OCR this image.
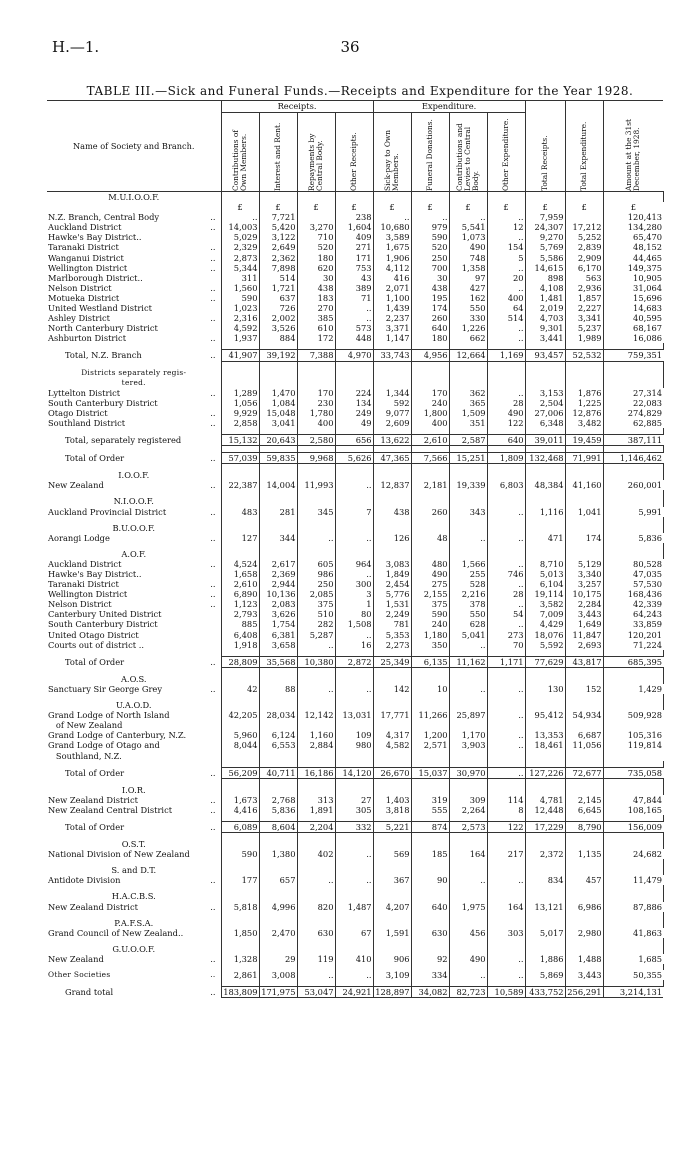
H.—1.	36
TABLE III.—Sick and Funeral Funds.—Receipts and Expenditure for the Year 1928.
Name of Society and Branch.	Receipts.				Expenditure.				Total Receipts.	Total Expenditure.	Amount at the 31st December, 1928.

	Contributions of Own Members.	Interest and Rent.	Repayments by Central Body.	Other Receipts.	Sick-pay to Own Members.	Funeral Donations.	Contributions and Levies to Central Body.	Other Expenditure.			

M.U.I.O.O.F.											
	£	£	£	£	£	£	£	£	£	£	£
N.Z. Branch, Central Body ..	..	7,721		238	..	..	..	..	7,959		120,413
Auckland District ..	14,003	5,420	3,270	1,604	10,680	979	5,541	12	24,307	17,212	134,280
Hawke's Bay District..	5,029	3,122	710	409	3,589	590	1,073	..	9,270	5,252	65,470
Taranaki District ..	2,329	2,649	520	271	1,675	520	490	154	5,769	2,839	48,152
Wanganui District ..	2,873	2,362	180	171	1,906	250	748	5	5,586	2,909	44,465
Wellington District ..	5,344	7,898	620	753	4,112	700	1,358	..	14,615	6,170	149,375
Marlborough District..	311	514	30	43	416	30	97	20	898	563	10,905
Nelson District ..	1,560	1,721	438	389	2,071	438	427	..	4,108	2,936	31,064
Motueka District ..	590	637	183	71	1,100	195	162	400	1,481	1,857	15,696
United Westland District	1,023	726	270	..	1,439	174	550	64	2,019	2,227	14,683
Ashley District ..	2,316	2,002	385	..	2,237	260	330	514	4,703	3,341	40,595
North Canterbury District	4,592	3,526	610	573	3,371	640	1,226	..	9,301	5,237	68,167
Ashburton District ..	1,937	884	172	448	1,147	180	662	..	3,441	1,989	16,086

Total, N.Z. Branch ..	41,907	39,192	7,388	4,970	33,743	4,956	12,664	1,169	93,457	52,532	759,351

Districts separately regis-											
tered.											
Lyttelton District ..	1,289	1,470	170	224	1,344	170	362	..	3,153	1,876	27,314
South Canterbury District	1,056	1,084	230	134	592	240	365	28	2,504	1,225	22,083
Otago District ..	9,929	15,048	1,780	249	9,077	1,800	1,509	490	27,006	12,876	274,829
Southland District ..	2,858	3,041	400	49	2,609	400	351	122	6,348	3,482	62,885

Total, separately registered	15,132	20,643	2,580	656	13,622	2,610	2,587	640	39,011	19,459	387,111

Total of Order ..	57,039	59,835	9,968	5,626	47,365	7,566	15,251	1,809	132,468	71,991	1,146,462

I.O.O.F.											
New Zealand ..	22,387	14,004	11,993	..	12,837	2,181	19,339	6,803	48,384	41,160	260,001

N.I.O.O.F.											
Auckland Provincial District ..	483	281	345	7	438	260	343	..	1,116	1,041	5,991

B.U.O.O.F.											
Aorangi Lodge ..	127	344	..	..	126	48	..	..	471	174	5,836

A.O.F.											
Auckland District ..	4,524	2,617	605	964	3,083	480	1,566	..	8,710	5,129	80,528
Hawke's Bay District..	1,658	2,369	986	..	1,849	490	255	746	5,013	3,340	47,035
Taranaki District ..	2,610	2,944	250	300	2,454	275	528	..	6,104	3,257	57,530
Wellington District ..	6,890	10,136	2,085	3	5,776	2,155	2,216	28	19,114	10,175	168,436
Nelson District ..	1,123	2,083	375	1	1,531	375	378	..	3,582	2,284	42,339
Canterbury United District	2,793	3,626	510	80	2,249	590	550	54	7,009	3,443	64,243
South Canterbury District	885	1,754	282	1,508	781	240	628	..	4,429	1,649	33,859
United Otago District	6,408	6,381	5,287	..	5,353	1,180	5,041	273	18,076	11,847	120,201
Courts out of district ..	1,918	3,658	..	16	2,273	350	..	70	5,592	2,693	71,224

Total of Order ..	28,809	35,568	10,380	2,872	25,349	6,135	11,162	1,171	77,629	43,817	685,395

A.O.S.											
Sanctuary Sir George Grey ..	42	88	..	..	142	10	..	..	130	152	1,429

U.A.O.D.											
Grand Lodge of North Island	42,205	28,034	12,142	13,031	17,771	11,266	25,897	..	95,412	54,934	509,928
of New Zealand											
Grand Lodge of Canterbury, N.Z.	5,960	6,124	1,160	109	4,317	1,200	1,170	..	13,353	6,687	105,316
Grand Lodge of Otago and	8,044	6,553	2,884	980	4,582	2,571	3,903	..	18,461	11,056	119,814
Southland, N.Z.											

Total of Order ..	56,209	40,711	16,186	14,120	26,670	15,037	30,970	..	127,226	72,677	735,058

I.O.R.											
New Zealand District ..	1,673	2,768	313	27	1,403	319	309	114	4,781	2,145	47,844
New Zealand Central District ..	4,416	5,836	1,891	305	3,818	555	2,264	8	12,448	6,645	108,165

Total of Order ..	6,089	8,604	2,204	332	5,221	874	2,573	122	17,229	8,790	156,009

O.S.T.											
National Division of New Zealand	590	1,380	402	..	569	185	164	217	2,372	1,135	24,682

S. and D.T.											
Antidote Division ..	177	657	..	..	367	90	..	..	834	457	11,479

H.A.C.B.S.											
New Zealand District ..	5,818	4,996	820	1,487	4,207	640	1,975	164	13,121	6,986	87,886

P.A.F.S.A.											
Grand Council of New Zealand..	1,850	2,470	630	67	1,591	630	456	303	5,017	2,980	41,863

G.U.O.O.F.											
New Zealand ..	1,328	29	119	410	906	92	490	..	1,886	1,488	1,685

Other Societies ..	2,861	3,008	..	..	3,109	334	..	..	5,869	3,443	50,355

Grand total ..	183,809	171,975	53,047	24,921	128,897	34,082	82,723	10,589	433,752	256,291	3,214,131
